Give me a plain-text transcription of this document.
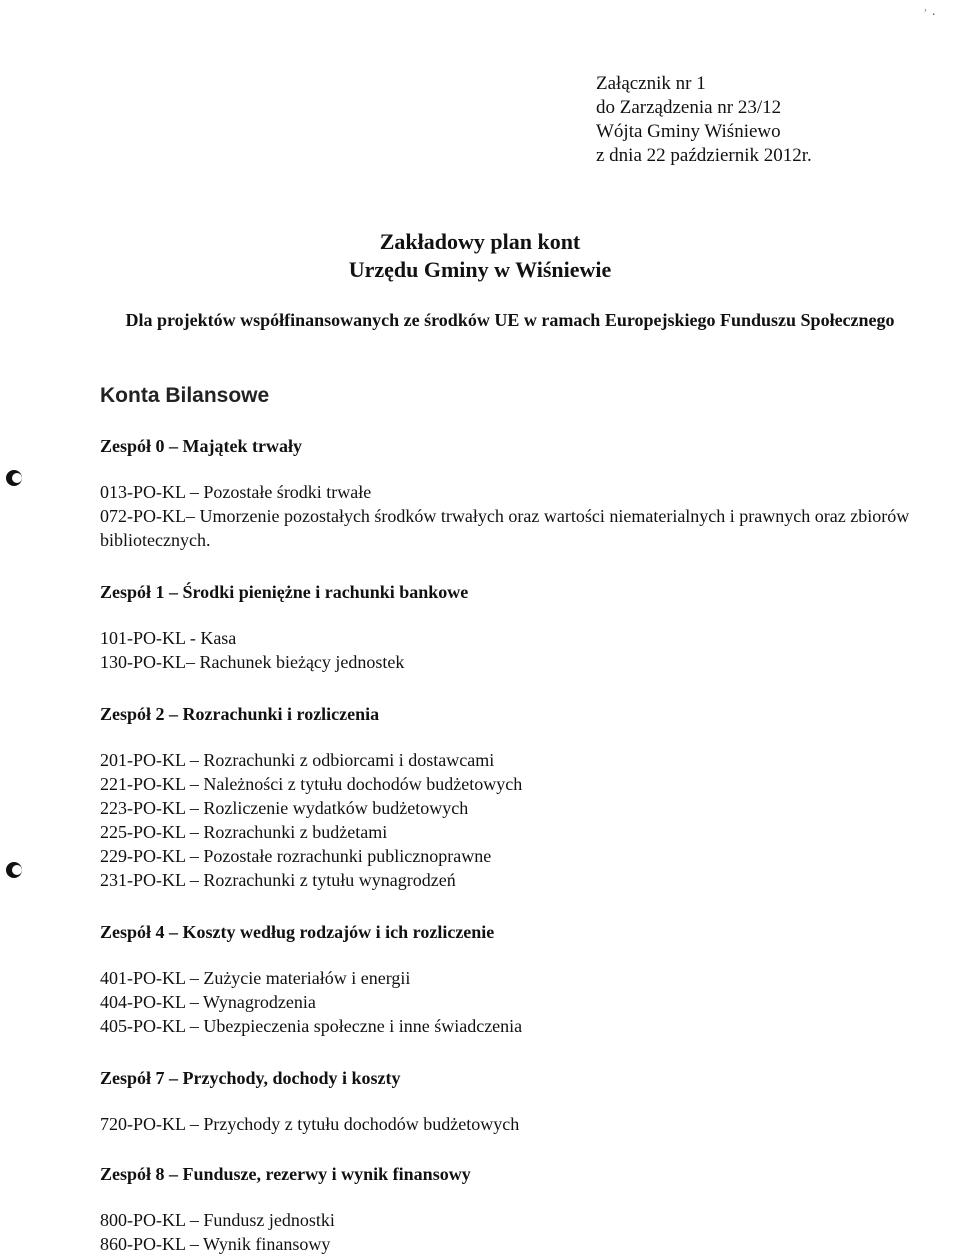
ʾ ·
Załącznik nr 1
do Zarządzenia nr 23/12
Wójta Gminy Wiśniewo
z dnia 22 październik 2012r.
Zakładowy plan kont
Urzędu Gminy w Wiśniewie
Dla projektów współfinansowanych ze środków UE w ramach Europejskiego Funduszu Społecznego
Konta Bilansowe
Zespół 0 – Majątek trwały
013-PO-KL – Pozostałe środki trwałe
072-PO-KL– Umorzenie pozostałych środków trwałych oraz wartości niematerialnych i prawnych oraz zbiorów bibliotecznych.
Zespół 1 – Środki pieniężne i rachunki bankowe
101-PO-KL - Kasa
130-PO-KL– Rachunek bieżący jednostek
Zespół 2 – Rozrachunki i rozliczenia
201-PO-KL – Rozrachunki z odbiorcami i dostawcami
221-PO-KL – Należności z tytułu dochodów budżetowych
223-PO-KL – Rozliczenie wydatków budżetowych
225-PO-KL – Rozrachunki z budżetami
229-PO-KL – Pozostałe rozrachunki publicznoprawne
231-PO-KL – Rozrachunki z tytułu wynagrodzeń
Zespół 4 – Koszty według rodzajów i ich rozliczenie
401-PO-KL – Zużycie materiałów i energii
404-PO-KL – Wynagrodzenia
405-PO-KL – Ubezpieczenia społeczne i inne świadczenia
Zespół 7 – Przychody, dochody i koszty
720-PO-KL – Przychody z tytułu dochodów budżetowych
Zespół 8 – Fundusze, rezerwy i wynik finansowy
800-PO-KL – Fundusz jednostki
860-PO-KL – Wynik finansowy
